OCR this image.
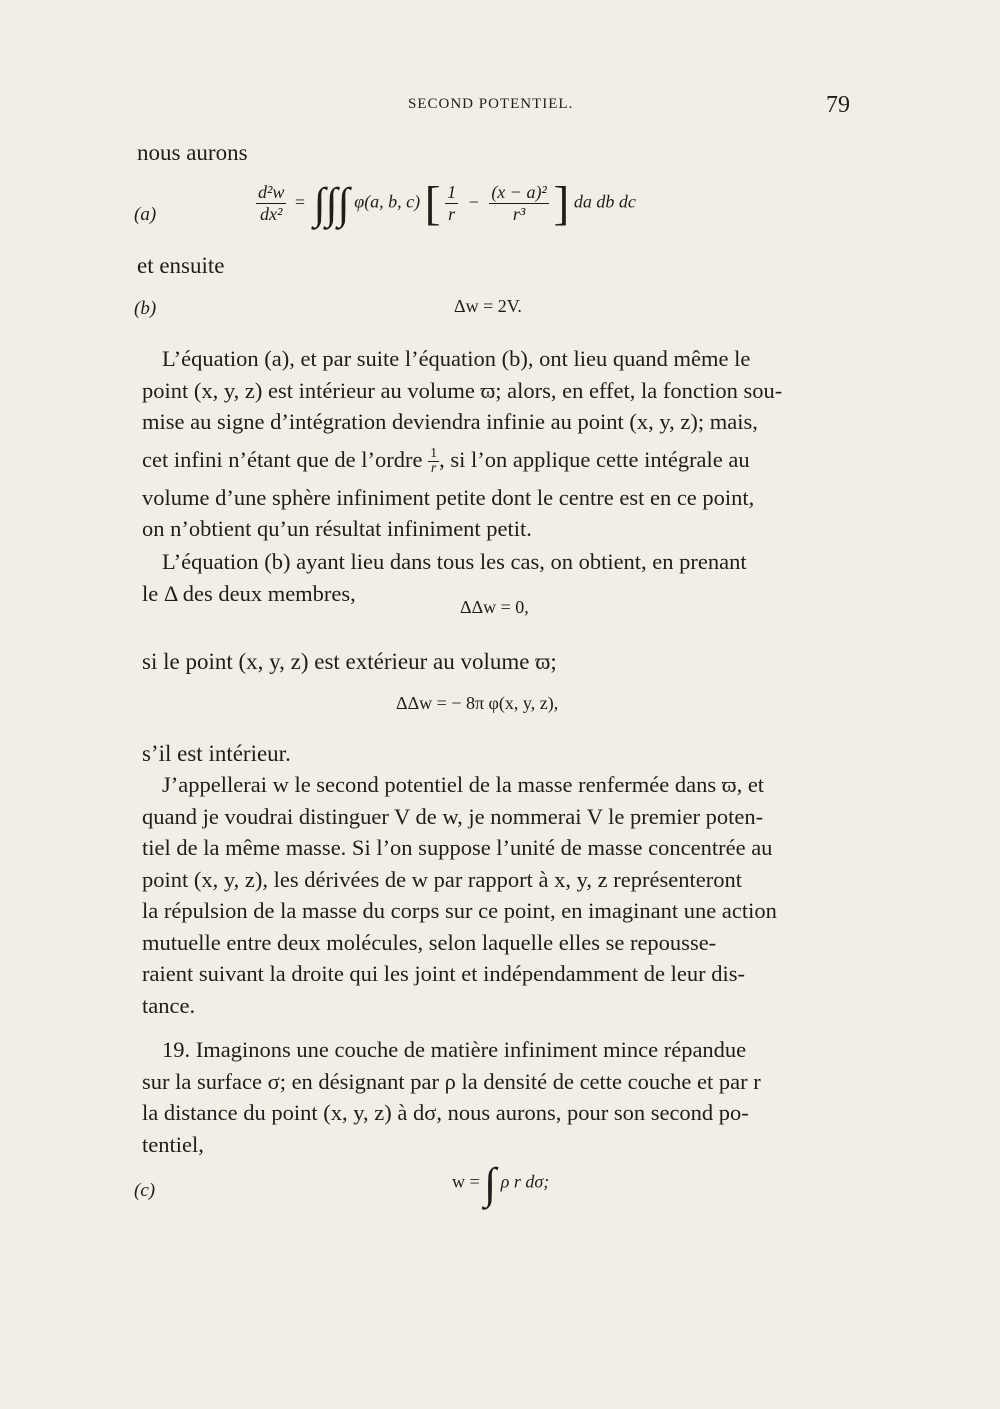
SECOND POTENTIEL.	79
nous aurons
(a)	$\frac{\text{d²w}}{\text{dx²}}$ = ∫∫∫ φ(a, b, c) [ $\frac{1}{r} - \frac{\text{(x − a)²}}{\text{r³}}$ ] da db dc
et ensuite
(b)	Δw = 2V.

L’équation (a), et par suite l’équation (b), ont lieu quand même le

point (x, y, z) est intérieur au volume ϖ; alors, en effet, la fonction sou-

mise au signe d’intégration deviendra infinie au point (x, y, z); mais,

cet infini n’étant que de l’ordre $\frac{1}{r}$ , si l’on applique cette intégrale au

volume d’une sphère infiniment petite dont le centre est en ce point,

on n’obtient qu’un résultat infiniment petit.

L’équation (b) ayant lieu dans tous les cas, on obtient, en prenant

le Δ des deux membres,

ΔΔw = 0,
si le point (x, y, z) est extérieur au volume ϖ;
ΔΔw = − 8π φ(x, y, z),
s’il est intérieur.

J’appellerai w le second potentiel de la masse renfermée dans ϖ, et

quand je voudrai distinguer V de w, je nommerai V le premier poten-

tiel de la même masse. Si l’on suppose l’unité de masse concentrée au

point (x, y, z), les dérivées de w par rapport à x, y, z représenteront

la répulsion de la masse du corps sur ce point, en imaginant une action

mutuelle entre deux molécules, selon laquelle elles se repousse-

raient suivant la droite qui les joint et indépendamment de leur dis-

tance.

19. Imaginons une couche de matière infiniment mince répandue

sur la surface σ; en désignant par ρ la densité de cette couche et par r

la distance du point (x, y, z) à dσ, nous aurons, pour son second po-

tentiel,

(c)	w = ∫ ρ r dσ;
